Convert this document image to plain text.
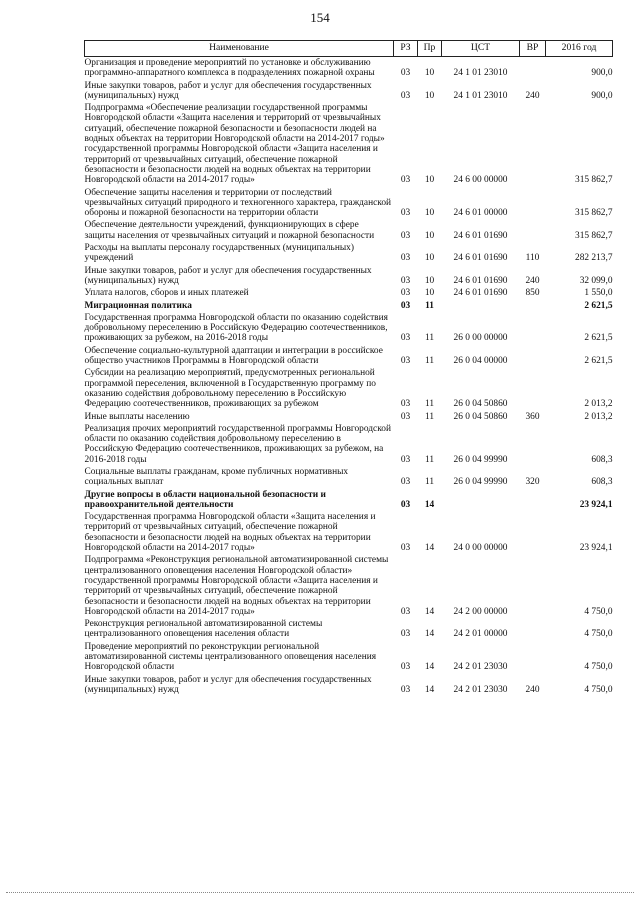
154
Наименование	РЗ	Пр	ЦСТ	ВР	2016 год
Организация и проведение мероприятий по установке и обслуживанию программно-аппаратного комплекса в подразделениях пожарной охраны	03	10	24 1 01 23010		900,0
Иные закупки товаров, работ и услуг для обеспечения государственных (муниципальных) нужд	03	10	24 1 01 23010	240	900,0
Подпрограмма «Обеспечение реализации государственной программы Новгородской области «Защита населения и территорий от чрезвычайных ситуаций, обеспечение пожарной безопасности и безопасности людей на водных объектах на территории Новгородской области на 2014-2017 годы» государственной программы Новгородской области «Защита населения и территорий от чрезвычайных ситуаций, обеспечение пожарной безопасности и безопасности людей на водных объектах на территории Новгородской области на 2014-2017 годы»	03	10	24 6 00 00000		315 862,7
Обеспечение защиты населения и территории от последствий чрезвычайных ситуаций природного и техногенного характера, гражданской обороны и пожарной безопасности на территории области	03	10	24 6 01 00000		315 862,7
Обеспечение деятельности учреждений, функционирующих в сфере защиты населения от чрезвычайных ситуаций и пожарной безопасности	03	10	24 6 01 01690		315 862,7
Расходы на выплаты персоналу государственных (муниципальных) учреждений	03	10	24 6 01 01690	110	282 213,7
Иные закупки товаров, работ и услуг для обеспечения государственных (муниципальных) нужд	03	10	24 6 01 01690	240	32 099,0
Уплата налогов, сборов и иных платежей	03	10	24 6 01 01690	850	1 550,0
Миграционная политика	03	11			2 621,5
Государственная программа Новгородской области по оказанию содействия добровольному переселению в Российскую Федерацию соотечественников, проживающих за рубежом, на 2016-2018 годы	03	11	26 0 00 00000		2 621,5
Обеспечение социально-культурной адаптации и интеграции в российское общество участников Программы в Новгородской области	03	11	26 0 04 00000		2 621,5
Субсидии на реализацию мероприятий, предусмотренных региональной программой переселения, включенной в Государственную программу по оказанию содействия добровольному переселению в Российскую Федерацию соотечественников, проживающих за рубежом	03	11	26 0 04 50860		2 013,2
Иные выплаты населению	03	11	26 0 04 50860	360	2 013,2
Реализация прочих мероприятий государственной программы Новгородской области по оказанию содействия добровольному переселению в Российскую Федерацию соотечественников, проживающих за рубежом, на 2016-2018 годы	03	11	26 0 04 99990		608,3
Социальные выплаты гражданам, кроме публичных нормативных социальных выплат	03	11	26 0 04 99990	320	608,3
Другие вопросы в области национальной безопасности и правоохранительной деятельности	03	14			23 924,1
Государственная программа Новгородской области «Защита населения и территорий от чрезвычайных ситуаций, обеспечение пожарной безопасности и безопасности людей на водных объектах на территории Новгородской области на 2014-2017 годы»	03	14	24 0 00 00000		23 924,1
Подпрограмма «Реконструкция региональной автоматизированной системы централизованного оповещения населения Новгородской области» государственной программы Новгородской области «Защита населения и территорий от чрезвычайных ситуаций, обеспечение пожарной безопасности и безопасности людей на водных объектах на территории Новгородской области на 2014-2017 годы»	03	14	24 2 00 00000		4 750,0
Реконструкция региональной автоматизированной системы централизованного оповещения населения области	03	14	24 2 01 00000		4 750,0
Проведение мероприятий по реконструкции региональной автоматизированной системы централизованного оповещения населения Новгородской области	03	14	24 2 01 23030		4 750,0
Иные закупки товаров, работ и услуг для обеспечения государственных (муниципальных) нужд	03	14	24 2 01 23030	240	4 750,0
